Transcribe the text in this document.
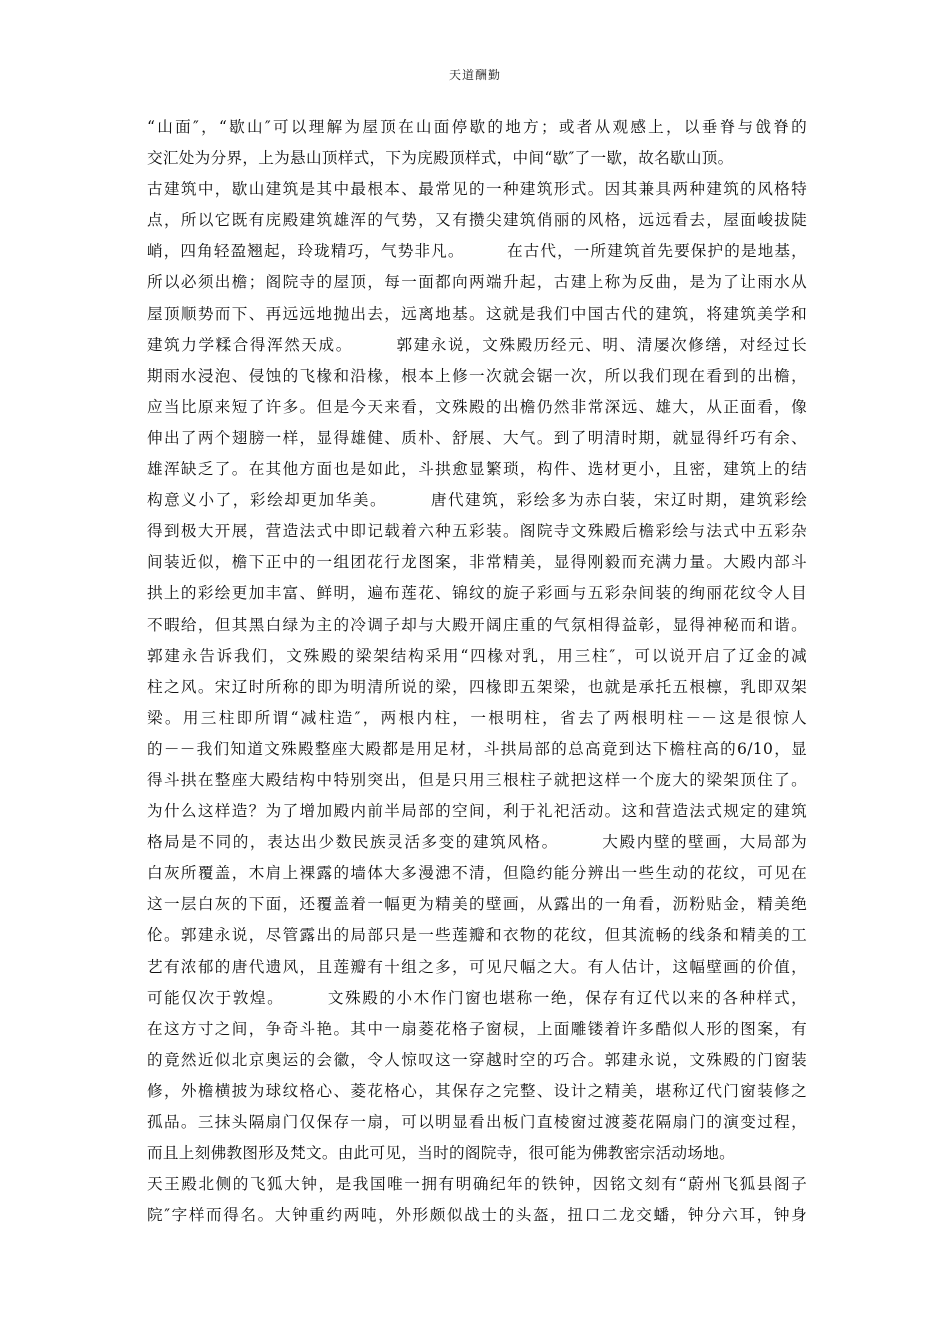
天道酬勤
“山面″，“歇山″可以理解为屋顶在山面停歇的地方；或者从观感上，以垂脊与戗脊的
交汇处为分界，上为悬山顶样式，下为庑殿顶样式，中间“歇″了一歇，故名歇山顶。
古建筑中，歇山建筑是其中最根本、最常见的一种建筑形式。因其兼具两种建筑的风格特
点，所以它既有庑殿建筑雄浑的气势，又有攒尖建筑俏丽的风格，远远看去，屋面峻拔陡
峭，四角轻盈翘起，玲珑精巧，气势非凡。　　　在古代，一所建筑首先要保护的是地基，
所以必须出檐；阁院寺的屋顶，每一面都向两端升起，古建上称为反曲，是为了让雨水从
屋顶顺势而下、再远远地抛出去，远离地基。这就是我们中国古代的建筑，将建筑美学和
建筑力学糅合得浑然天成。　　　郭建永说，文殊殿历经元、明、清屡次修缮，对经过长
期雨水浸泡、侵蚀的飞椽和沿椽，根本上修一次就会锯一次，所以我们现在看到的出檐，
应当比原来短了许多。但是今天来看，文殊殿的出檐仍然非常深远、雄大，从正面看，像
伸出了两个翅膀一样，显得雄健、质朴、舒展、大气。到了明清时期，就显得纤巧有余、
雄浑缺乏了。在其他方面也是如此，斗拱愈显繁琐，构件、选材更小，且密，建筑上的结
构意义小了，彩绘却更加华美。　　　唐代建筑，彩绘多为赤白装，宋辽时期，建筑彩绘
得到极大开展，营造法式中即记载着六种五彩装。阁院寺文殊殿后檐彩绘与法式中五彩杂
间装近似，檐下正中的一组团花行龙图案，非常精美，显得刚毅而充满力量。大殿内部斗
拱上的彩绘更加丰富、鲜明，遍布莲花、锦纹的旋子彩画与五彩杂间装的绚丽花纹令人目
不暇给，但其黑白绿为主的冷调子却与大殿开阔庄重的气氛相得益彰，显得神秘而和谐。
郭建永告诉我们，文殊殿的梁架结构采用“四椽对乳，用三柱″，可以说开启了辽金的减
柱之风。宋辽时所称的即为明清所说的梁，四椽即五架梁，也就是承托五根檩，乳即双架
梁。用三柱即所谓“减柱造″，两根内柱，一根明柱，省去了两根明柱－－这是很惊人
的－－我们知道文殊殿整座大殿都是用足材，斗拱局部的总高竟到达下檐柱高的6/10，显
得斗拱在整座大殿结构中特别突出，但是只用三根柱子就把这样一个庞大的梁架顶住了。
为什么这样造？为了增加殿内前半局部的空间，利于礼祀活动。这和营造法式规定的建筑
格局是不同的，表达出少数民族灵活多变的建筑风格。　　　大殿内壁的壁画，大局部为
白灰所覆盖，木肩上裸露的墙体大多漫漶不清，但隐约能分辨出一些生动的花纹，可见在
这一层白灰的下面，还覆盖着一幅更为精美的壁画，从露出的一角看，沥粉贴金，精美绝
伦。郭建永说，尽管露出的局部只是一些莲瓣和衣物的花纹，但其流畅的线条和精美的工
艺有浓郁的唐代遗风，且莲瓣有十组之多，可见尺幅之大。有人估计，这幅壁画的价值，
可能仅次于敦煌。　　　文殊殿的小木作门窗也堪称一绝，保存有辽代以来的各种样式，
在这方寸之间，争奇斗艳。其中一扇菱花格子窗棂，上面雕镂着许多酷似人形的图案，有
的竟然近似北京奥运的会徽，令人惊叹这一穿越时空的巧合。郭建永说，文殊殿的门窗装
修，外檐横披为球纹格心、菱花格心，其保存之完整、设计之精美，堪称辽代门窗装修之
孤品。三抹头隔扇门仅保存一扇，可以明显看出板门直棱窗过渡菱花隔扇门的演变过程，
而且上刻佛教图形及梵文。由此可见，当时的阁院寺，很可能为佛教密宗活动场地。
天王殿北侧的飞狐大钟，是我国唯一拥有明确纪年的铁钟，因铭文刻有“蔚州飞狐县阁子
院″字样而得名。大钟重约两吨，外形颇似战士的头盔，扭口二龙交蟠，钟分六耳，钟身
